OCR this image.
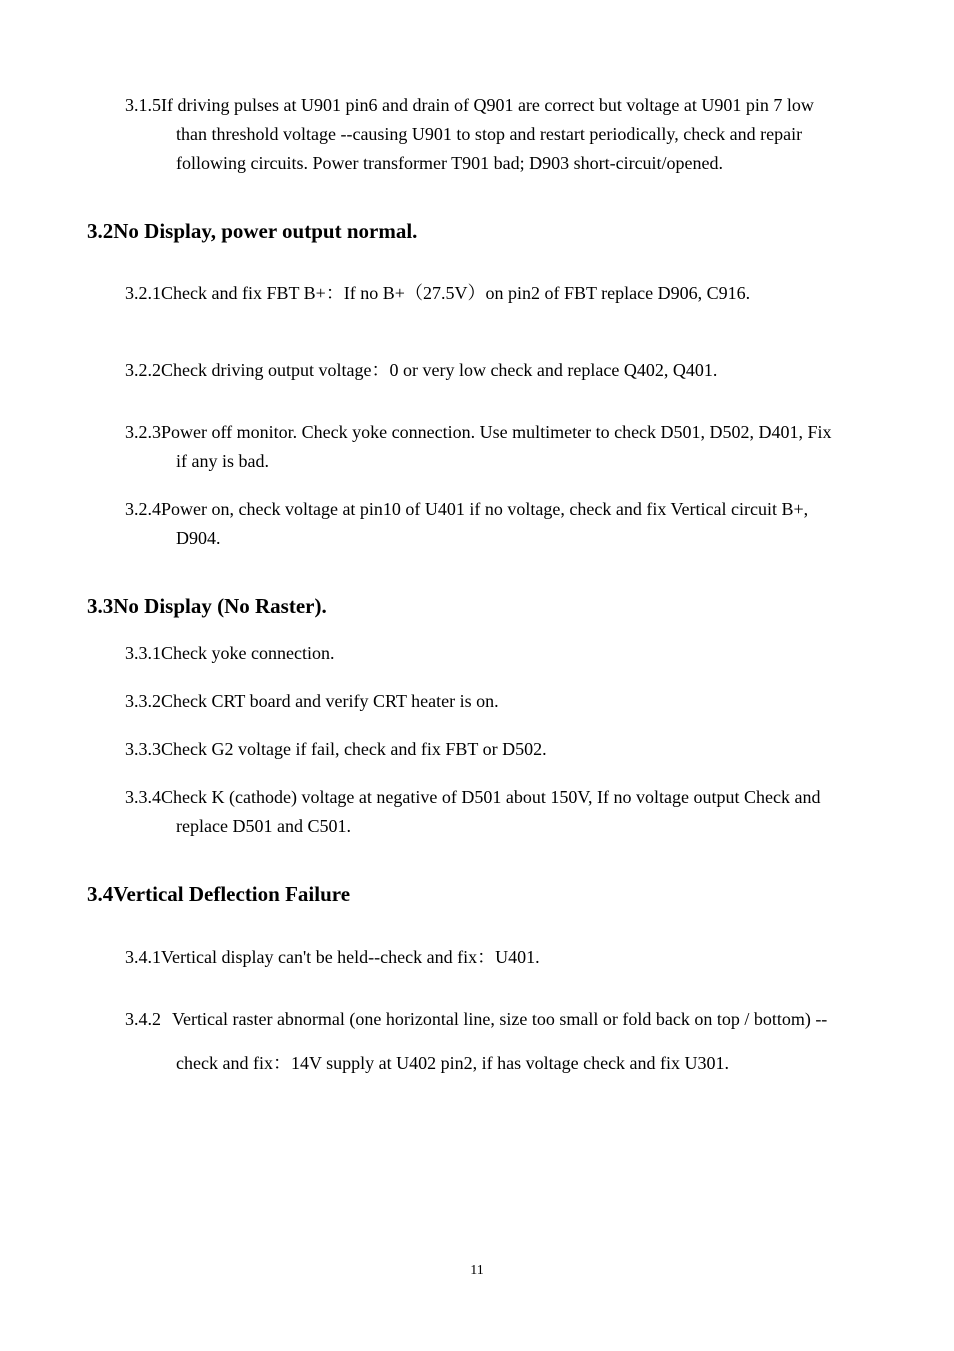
3.1.5If driving pulses at U901 pin6 and drain of Q901 are correct but voltage at U901 pin 7 low
than threshold voltage --causing U901 to stop and restart periodically, check and repair
following circuits. Power transformer T901 bad; D903 short-circuit/opened.

3.2No Display, power output normal.

3.2.1Check and fix FBT B+：If no B+（27.5V）on pin2 of FBT replace D906, C916.

3.2.2Check driving output voltage：0 or very low check and replace Q402, Q401.

3.2.3Power off monitor. Check yoke connection. Use multimeter to check D501, D502, D401, Fix
if any is bad.

3.2.4Power on, check voltage at pin10 of U401 if no voltage, check and fix Vertical circuit B+,
D904.

3.3No Display (No Raster).

3.3.1Check yoke connection.

3.3.2Check CRT board and verify CRT heater is on.

3.3.3Check G2 voltage if fail, check and fix FBT or D502.

3.3.4Check K (cathode) voltage at negative of D501 about 150V, If no voltage output Check and
replace D501 and C501.

3.4Vertical Deflection Failure

3.4.1Vertical display can't be held--check and fix：U401.

3.4.2 Vertical raster abnormal (one horizontal line, size too small or fold back on top / bottom) --
check and fix：14V supply at U402 pin2, if has voltage check and fix U301.

11
